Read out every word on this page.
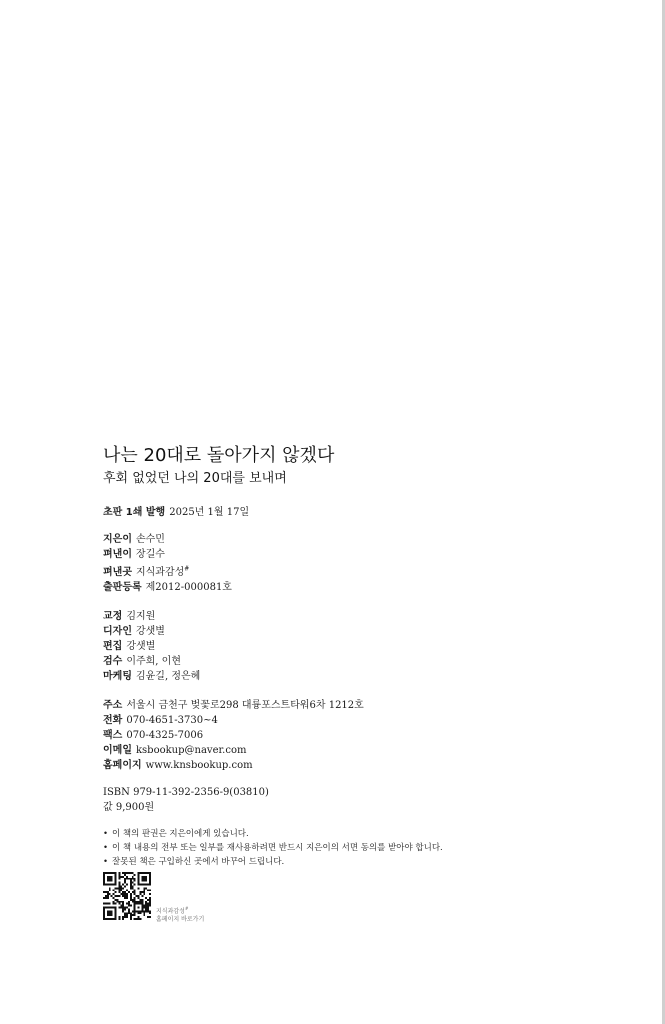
나는 20대로 돌아가지 않겠다
후회 없었던 나의 20대를 보내며
초판 1쇄 발행 2025년 1월 17일
지은이 손수민
펴낸이 장길수
펴낸곳 지식과감성#
출판등록 제2012-000081호
교정 김지원
디자인 강샛별
편집 강샛별
검수 이주희, 이현
마케팅 김윤길, 정은혜
주소 서울시 금천구 벚꽃로298 대륭포스트타워6차 1212호
전화 070-4651-3730~4
팩스 070-4325-7006
이메일 ksbookup@naver.com
홈페이지 www.knsbookup.com
ISBN 979-11-392-2356-9(03810)
값 9,900원
• 이 책의 판권은 지은이에게 있습니다.
• 이 책 내용의 전부 또는 일부를 재사용하려면 반드시 지은이의 서면 동의를 받아야 합니다.
• 잘못된 책은 구입하신 곳에서 바꾸어 드립니다.
지식과감성#
홈페이지 바로가기
